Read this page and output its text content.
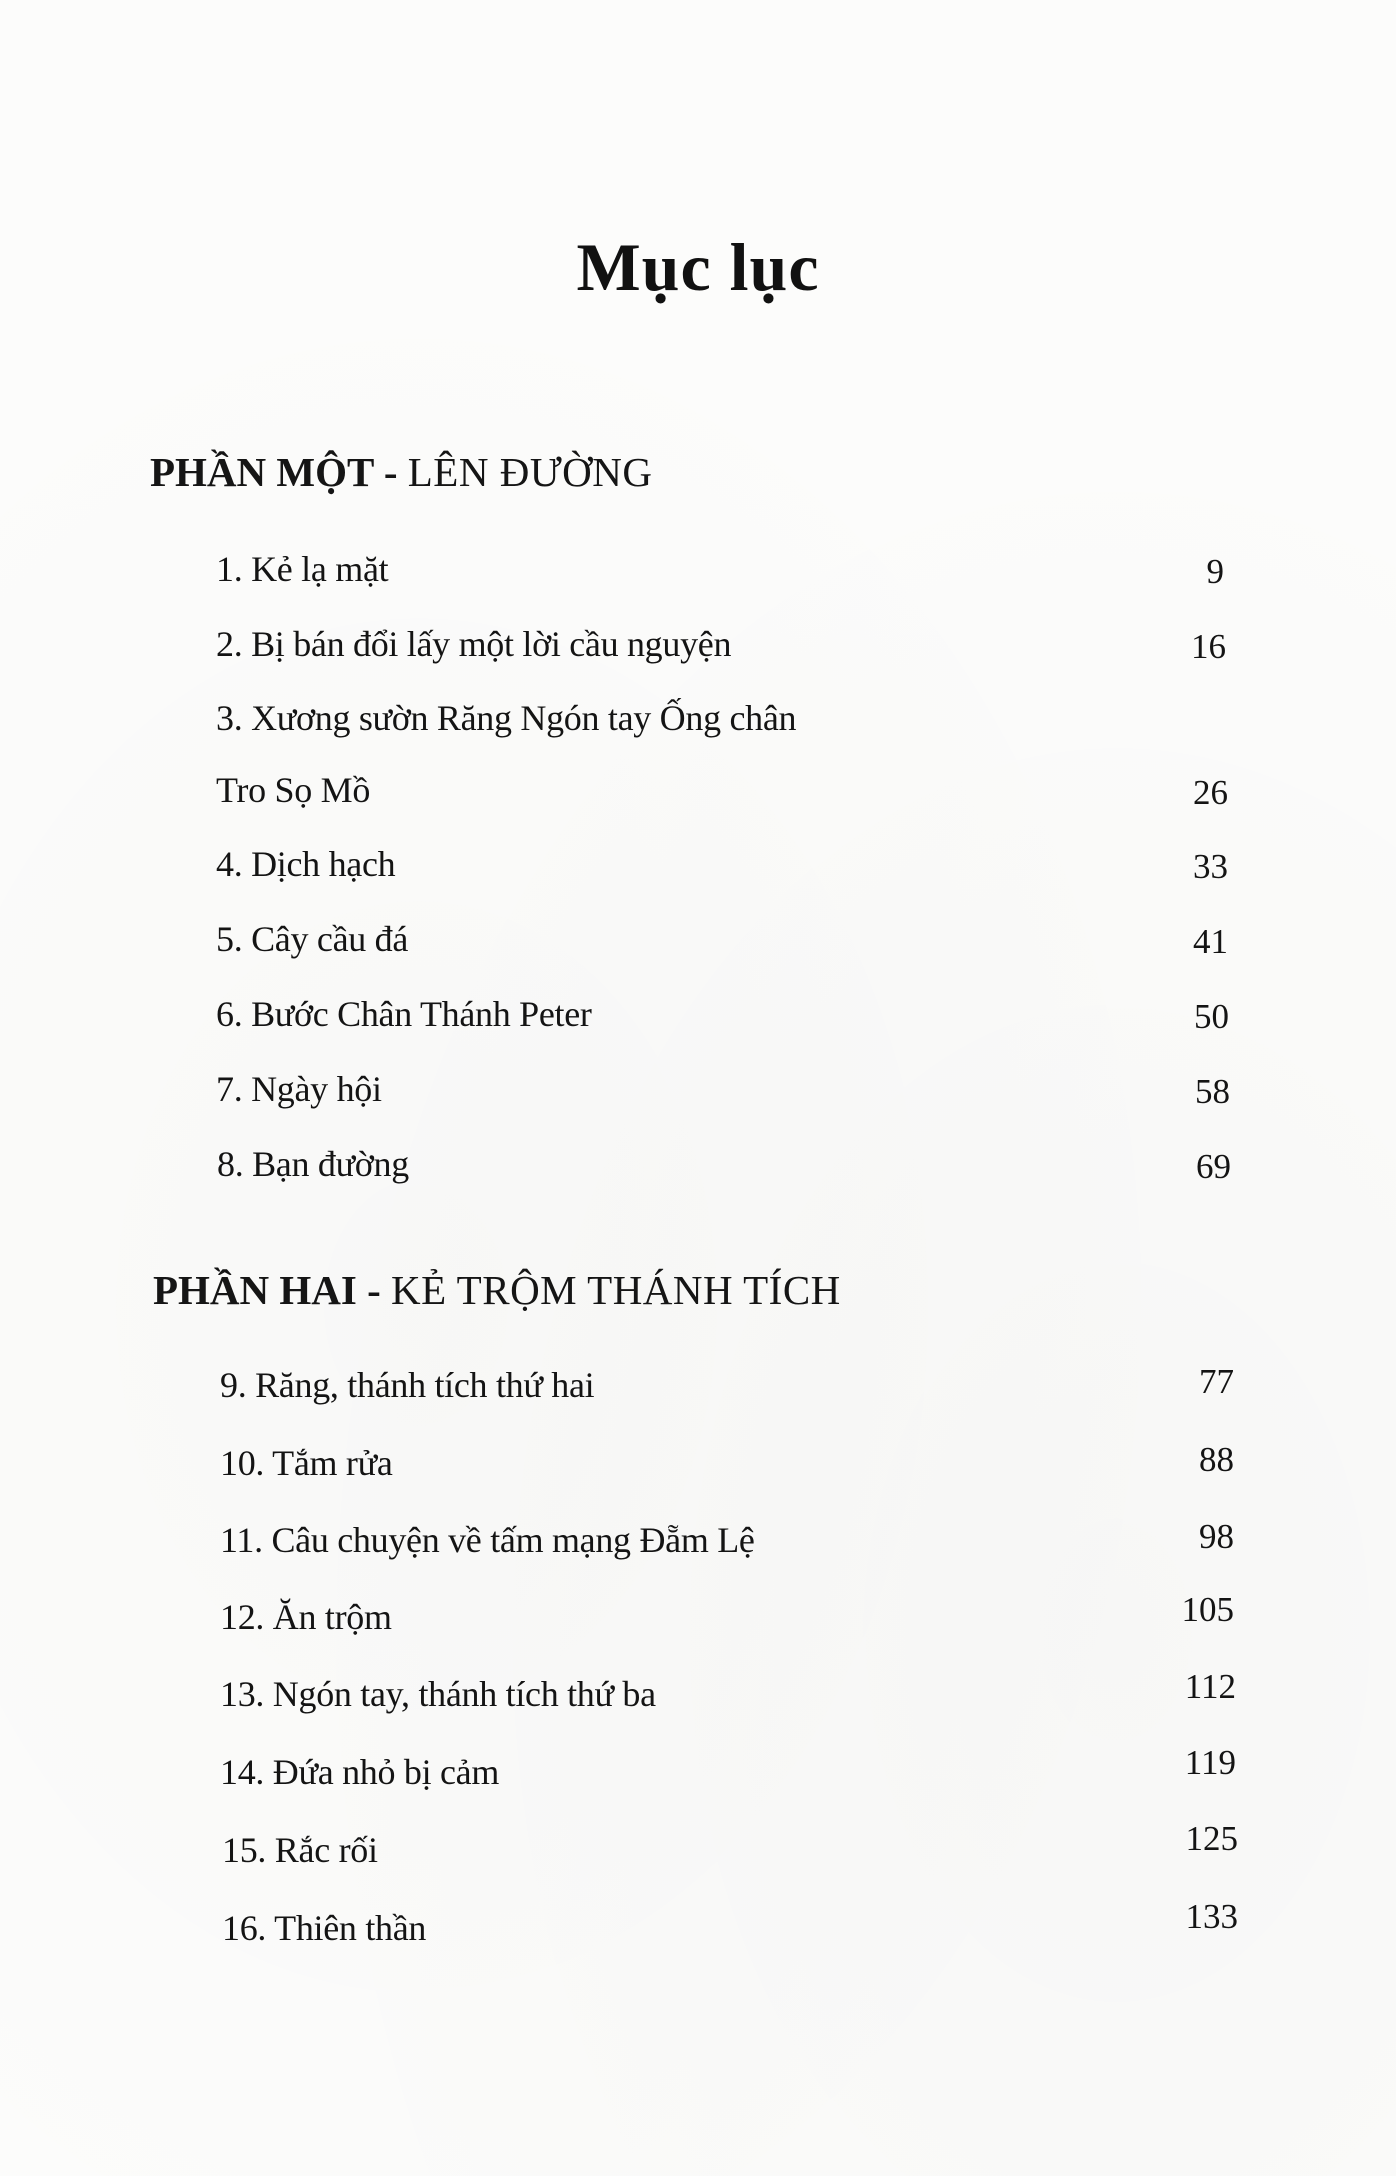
Mục lục
PHẦN MỘT - LÊN ĐƯỜNG
1. Kẻ lạ mặt	9
2. Bị bán đổi lấy một lời cầu nguyện	16
3. Xương sườn Răng Ngón tay Ống chân
Tro Sọ Mồ	26
4. Dịch hạch	33
5. Cây cầu đá	41
6. Bước Chân Thánh Peter	50
7. Ngày hội	58
8. Bạn đường	69
PHẦN HAI - KẺ TRỘM THÁNH TÍCH
9. Răng, thánh tích thứ hai	77
10. Tắm rửa	88
11. Câu chuyện về tấm mạng Đẵm Lệ	98
12. Ăn trộm	105
13. Ngón tay, thánh tích thứ ba	112
14. Đứa nhỏ bị cảm	119
15. Rắc rối	125
16. Thiên thần	133
